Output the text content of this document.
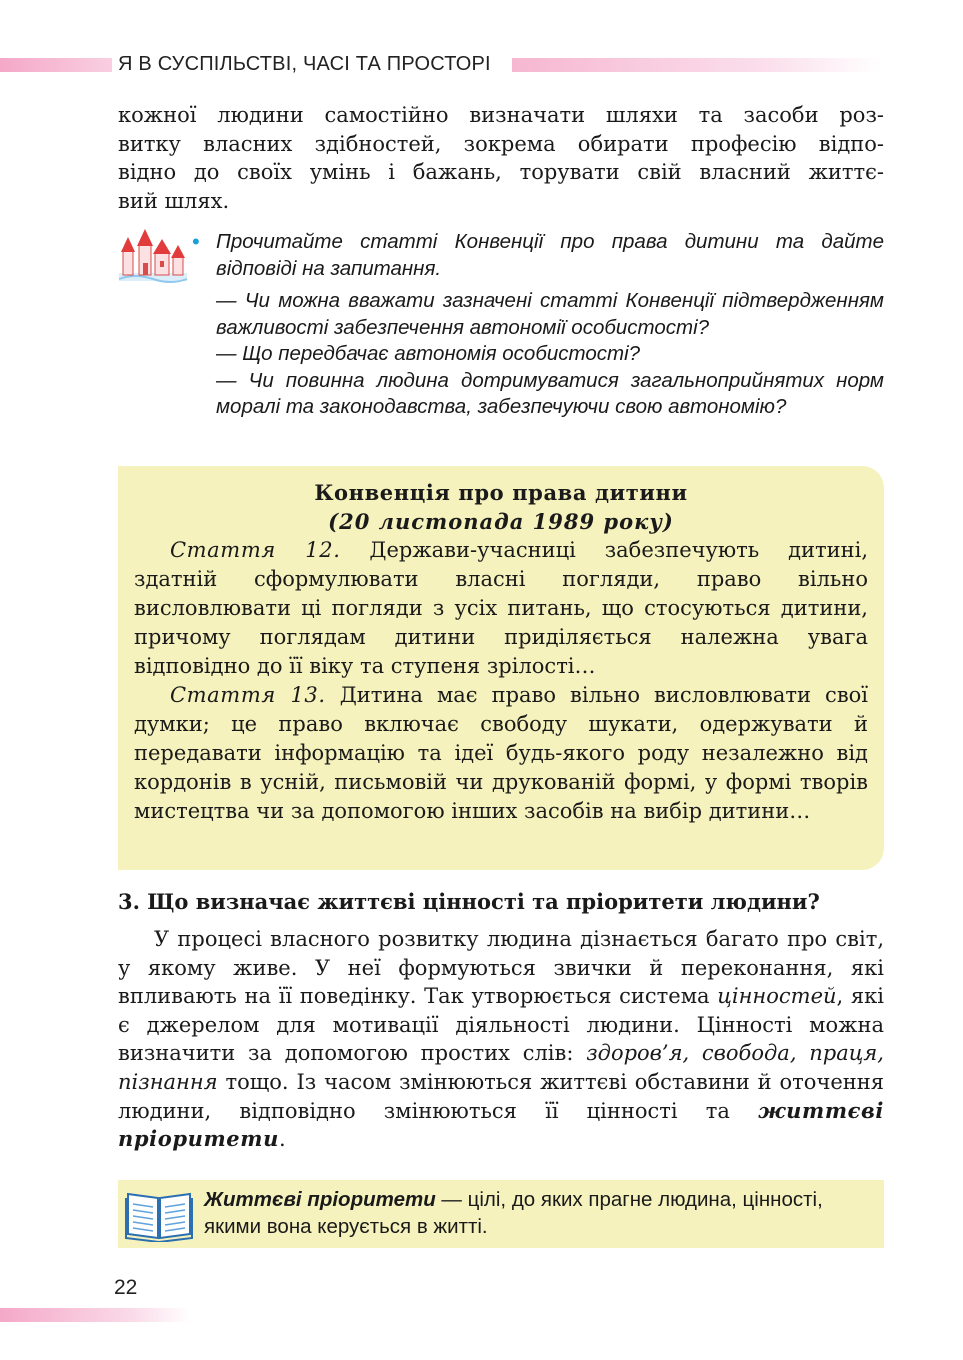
Я В СУСПІЛЬСТВІ, ЧАСІ ТА ПРОСТОРІ

кожної людини самостійно визначати шляхи та засоби роз-

витку власних здібностей, зокрема обирати професію відпо-

відно до своїх умінь і бажань, торувати свій власний життє-

вий шлях.

• Прочитайте статті Конвенції про права дитини та дайте відповіді на запитання.

— Чи можна вважати зазначені статті Конвенції підтвердженням важливості забезпечення автономії особистості?

— Що передбачає автономія особистості?

— Чи повинна людина дотримуватися загальноприйнятих норм моралі та законодавства, забезпечуючи свою автономію?

Конвенція про права дитини

(20 листопада 1989 року)

Стаття 12. Держави-учасниці забезпечують дитині, здатній сформулювати власні погляди, право вільно висловлювати ці погляди з усіх питань, що стосуються дитини, причому поглядам дитини приділяється належна увага відповідно до її віку та ступеня зрілості…

Стаття 13. Дитина має право вільно висловлювати свої думки; це право включає свободу шукати, одержувати й передавати інформацію та ідеї будь-якого роду незалежно від кордонів в усній, письмовій чи друкованій формі, у формі творів мистецтва чи за допомогою інших засобів на вибір дитини…

3. Що визначає життєві цінності та пріоритети людини?

У процесі власного розвитку людина дізнається багато про світ, у якому живе. У неї формуються звички й переконання, які впливають на її поведінку. Так утворюється система цінностей, які є джерелом для мотивації діяльності людини. Цінності можна визначити за допомогою простих слів: здоров’я, свобода, праця, пізнання тощо. Із часом змінюються життєві обставини й оточення людини, відповідно змінюються її цінності та життєві пріоритети.

Життєві пріоритети — цілі, до яких прагне людина, цінності, якими вона керується в житті.
22
